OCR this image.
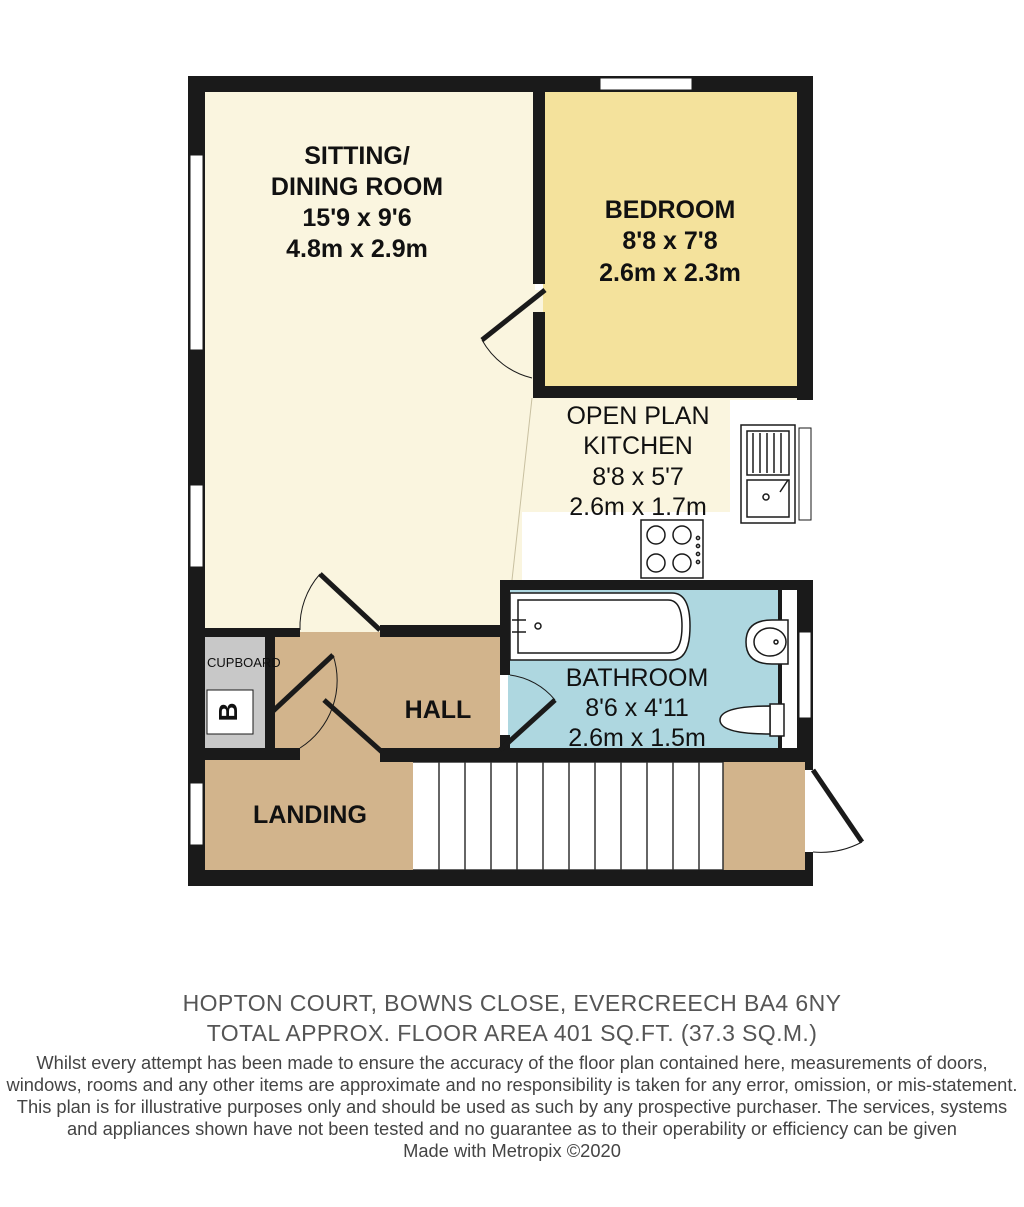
SITTING/
DINING ROOM
15'9 x 9'6
4.8m x 2.9m
BEDROOM
8'8 x 7'8
2.6m x 2.3m
OPEN PLAN
KITCHEN
8'8 x 5'7
2.6m x 1.7m
BATHROOM
8'6 x 4'11
2.6m x 1.5m
HALL
LANDING
CUPBOARD
B
HOPTON COURT, BOWNS CLOSE, EVERCREECH BA4 6NY
TOTAL APPROX. FLOOR AREA 401 SQ.FT. (37.3 SQ.M.)
Whilst every attempt has been made to ensure the accuracy of the floor plan contained here, measurements of doors, windows, rooms and any other items are approximate and no responsibility is taken for any error, omission, or mis-statement. This plan is for illustrative purposes only and should be used as such by any prospective purchaser. The services, systems and appliances shown have not been tested and no guarantee as to their operability or efficiency can be given
Made with Metropix ©2020
